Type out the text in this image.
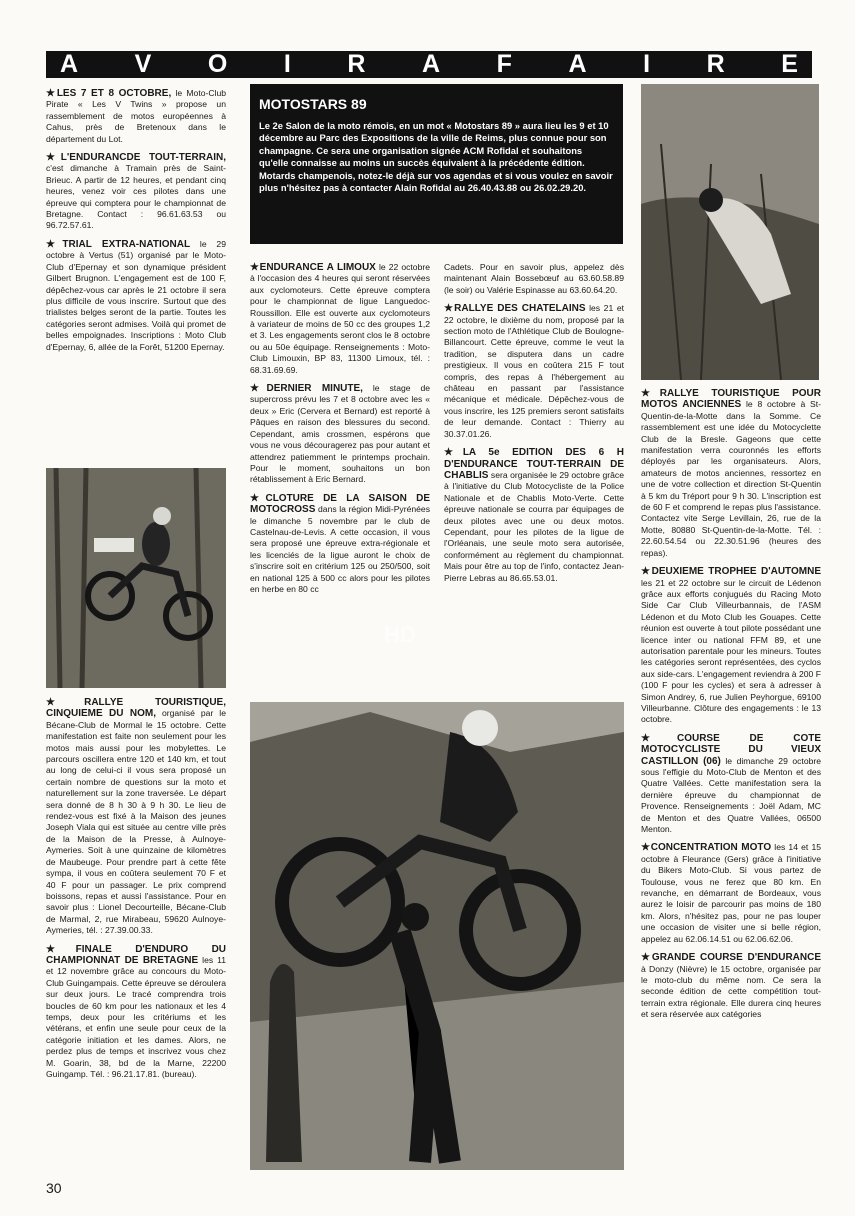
A V O I R A F A I R E

★LES 7 ET 8 OCTOBRE, le Moto-Club Pirate « Les V Twins » propose un rassemblement de motos européennes à Cahus, près de Bretenoux dans le département du Lot.

★L'ENDURANCDE TOUT-TERRAIN, c'est dimanche à Tramain près de Saint-Brieuc. A partir de 12 heures, et pendant cinq heures, venez voir ces pilotes dans une épreuve qui comptera pour le championnat de Bretagne. Contact : 96.61.63.53 ou 96.72.57.61.

★TRIAL EXTRA-NATIONAL le 29 octobre à Vertus (51) organisé par le Moto-Club d'Epernay et son dynamique président Gilbert Brugnon. L'engagement est de 100 F, dépêchez-vous car après le 21 octobre il sera plus difficile de vous inscrire. Surtout que des trialistes belges seront de la partie. Toutes les catégories seront admises. Voilà qui promet de belles empoignades. Inscriptions : Moto Club d'Epernay, 6, allée de la Forêt, 51200 Epernay.

★RALLYE TOURISTIQUE, CINQUIEME DU NOM, organisé par le Bécane-Club de Mormal le 15 octobre. Cette manifestation est faite non seulement pour les motos mais aussi pour les mobylettes. Le parcours oscillera entre 120 et 140 km, et tout au long de celui-ci il vous sera proposé un certain nombre de questions sur la moto et naturellement sur la zone traversée. Le départ sera donné de 8 h 30 à 9 h 30. Le lieu de rendez-vous est fixé à la Maison des jeunes Joseph Viala qui est située au centre ville près de la Maison de la Presse, à Aulnoye-Aymeries. Soit à une quinzaine de kilomètres de Maubeuge. Pour prendre part à cette fête sympa, il vous en coûtera seulement 70 F et 40 F pour un passager. Le prix comprend boissons, repas et aussi l'assistance. Pour en savoir plus : Lionel Decourteille, Bécane-Club de Marmal, 2, rue Mirabeau, 59620 Aulnoye-Aymeries, tél. : 27.39.00.33.

★FINALE D'ENDURO DU CHAMPIONNAT DE BRETAGNE les 11 et 12 novembre grâce au concours du Moto-Club Guingampais. Cette épreuve se déroulera sur deux jours. Le tracé comprendra trois boucles de 60 km pour les nationaux et les 4 temps, deux pour les critériums et les vétérans, et enfin une seule pour ceux de la catégorie initiation et les dames. Alors, ne perdez plus de temps et inscrivez vous chez M. Goarin, 38, bd de la Marne, 22200 Guingamp. Tél. : 96.21.17.81. (bureau).

MOTOSTARS 89

Le 2e Salon de la moto rémois, en un mot « Motostars 89 » aura lieu les 9 et 10 décembre au Parc des Expositions de la ville de Reims, plus connue pour son champagne. Ce sera une organisation signée ACM Rofidal et souhaitons qu'elle connaisse au moins un succès équivalent à la précédente édition. Motards champenois, notez-le déjà sur vos agendas et si vous voulez en savoir plus n'hésitez pas à contacter Alain Rofidal au 26.40.43.88 ou 26.02.29.20.

★ENDURANCE A LIMOUX le 22 octobre à l'occasion des 4 heures qui seront réservées aux cyclomoteurs. Cette épreuve comptera pour le championnat de ligue Languedoc-Roussillon. Elle est ouverte aux cyclomoteurs à variateur de moins de 50 cc des groupes 1,2 et 3. Les engagements seront clos le 8 octobre ou au 50e équipage. Renseignements : Moto-Club Limouxin, BP 83, 11300 Limoux, tél. : 68.31.69.69.

★DERNIER MINUTE, le stage de supercross prévu les 7 et 8 octobre avec les « deux » Eric (Cervera et Bernard) est reporté à Pâques en raison des blessures du second. Cependant, amis crossmen, espérons que vous ne vous découragerez pas pour autant et attendrez patiemment le printemps prochain. Pour le moment, souhaitons un bon rétablissement à Eric Bernard.

★CLOTURE DE LA SAISON DE MOTOCROSS dans la région Midi-Pyrénées le dimanche 5 novembre par le club de Castelnau-de-Levis. A cette occasion, il vous sera proposé une épreuve extra-régionale et les licenciés de la ligue auront le choix de s'inscrire soit en critérium 125 ou 250/500, soit en national 125 à 500 cc alors pour les pilotes en herbe en 80 cc

Cadets. Pour en savoir plus, appelez dès maintenant Alain Bossebœuf au 63.60.58.89 (le soir) ou Valérie Espinasse au 63.60.64.20.

★RALLYE DES CHATELAINS les 21 et 22 octobre, le dixième du nom, proposé par la section moto de l'Athlétique Club de Boulogne-Billancourt. Cette épreuve, comme le veut la tradition, se disputera dans un cadre prestigieux. Il vous en coûtera 215 F tout compris, des repas à l'hébergement au château en passant par l'assistance mécanique et médicale. Dépêchez-vous de vous inscrire, les 125 premiers seront satisfaits de leur demande. Contact : Thierry au 30.37.01.26.

★LA 5e EDITION DES 6 H D'ENDURANCE TOUT-TERRAIN DE CHABLIS sera organisée le 29 octobre grâce à l'initiative du Club Motocycliste de la Police Nationale et de Chablis Moto-Verte. Cette épreuve nationale se courra par équipages de deux pilotes avec une ou deux motos. Cependant, pour les pilotes de la ligue de l'Orléanais, une seule moto sera autorisée, conformément au règlement du championnat. Mais pour être au top de l'info, contactez Jean-Pierre Lebras au 86.65.53.01.

HD

★RALLYE TOURISTIQUE POUR MOTOS ANCIENNES le 8 octobre à St-Quentin-de-la-Motte dans la Somme. Ce rassemblement est une idée du Motocyclette Club de la Bresle. Gageons que cette manifestation verra couronnés les efforts déployés par les organisateurs. Alors, amateurs de motos anciennes, ressortez en une de votre collection et direction St-Quentin à 5 km du Tréport pour 9 h 30. L'inscription est de 60 F et comprend le repas plus l'assistance. Contactez vite Serge Levillain, 26, rue de la Motte, 80880 St-Quentin-de-la-Motte. Tél. : 22.60.54.54 ou 22.30.51.96 (heures des repas).

★DEUXIEME TROPHEE D'AUTOMNE les 21 et 22 octobre sur le circuit de Lédenon grâce aux efforts conjugués du Racing Moto Side Car Club Villeurbannais, de l'ASM Lédenon et du Moto Club les Gouapes. Cette réunion est ouverte à tout pilote possédant une licence inter ou national FFM 89, et une autorisation parentale pour les mineurs. Toutes les catégories seront représentées, des cyclos aux side-cars. L'engagement reviendra à 200 F (100 F pour les cycles) et sera à adresser à Simon Andrey, 6, rue Julien Peyhorgue, 69100 Villeurbanne. Clôture des engagements : le 13 octobre.

★COURSE DE COTE MOTOCYCLISTE DU VIEUX CASTILLON (06) le dimanche 29 octobre sous l'effigie du Moto-Club de Menton et des Quatre Vallées. Cette manifestation sera la dernière épreuve du championnat de Provence. Renseignements : Joël Adam, MC de Menton et des Quatre Vallées, 06500 Menton.

★CONCENTRATION MOTO les 14 et 15 octobre à Fleurance (Gers) grâce à l'initiative du Bikers Moto-Club. Si vous partez de Toulouse, vous ne ferez que 80 km. En revanche, en démarrant de Bordeaux, vous aurez le loisir de parcourir pas moins de 180 km. Alors, n'hésitez pas, pour ne pas louper une occasion de visiter une si belle région, appelez au 62.06.14.51 ou 62.06.62.06.

★GRANDE COURSE D'ENDURANCE à Donzy (Nièvre) le 15 octobre, organisée par le moto-club du même nom. Ce sera la seconde édition de cette compétition tout-terrain extra régionale. Elle durera cinq heures et sera réservée aux catégories

30
